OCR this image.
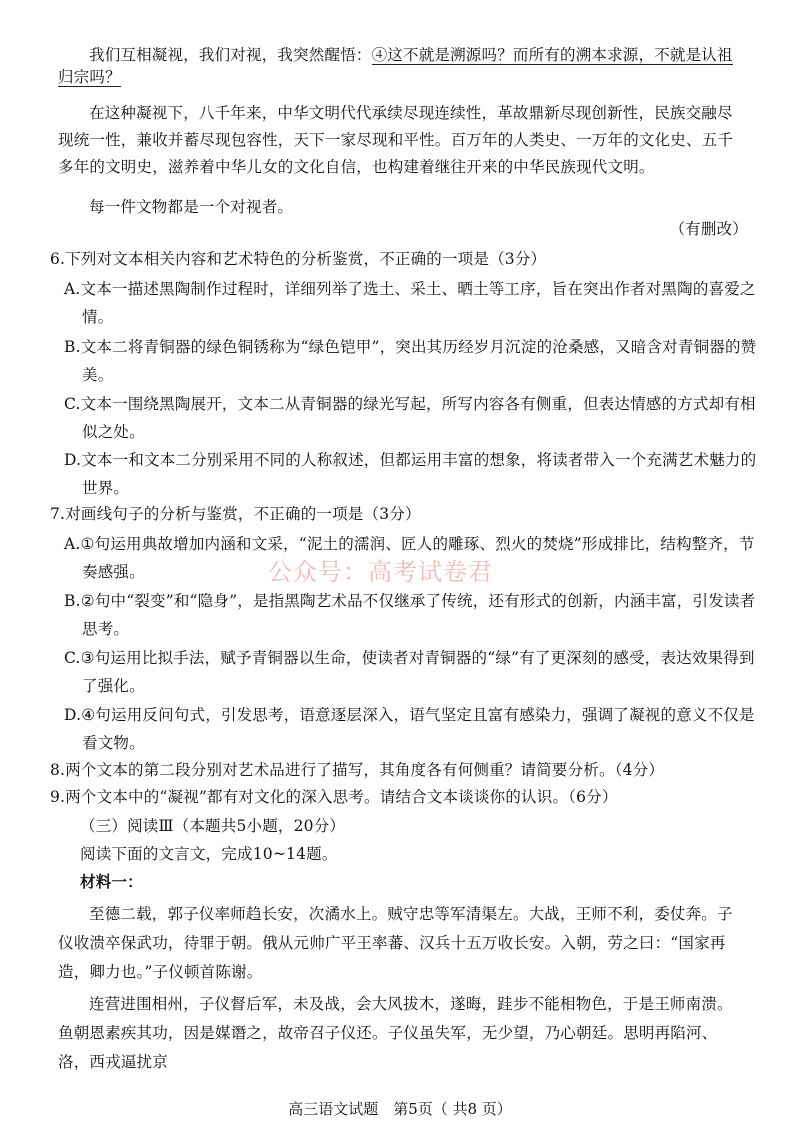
我们互相凝视，我们对视，我突然醒悟：④这不就是溯源吗？而所有的溯本求源，不就是认祖归宗吗？
在这种凝视下，八千年来，中华文明代代承续尽现连续性，革故鼎新尽现创新性，民族交融尽现统一性，兼收并蓄尽现包容性，天下一家尽现和平性。百万年的人类史、一万年的文化史、五千多年的文明史，滋养着中华儿女的文化自信，也构建着继往开来的中华民族现代文明。
每一件文物都是一个对视者。
（有删改）
6.下列对文本相关内容和艺术特色的分析鉴赏，不正确的一项是（3分）
A.文本一描述黑陶制作过程时，详细列举了选土、采土、晒土等工序，旨在突出作者对黑陶的喜爱之情。
B.文本二将青铜器的绿色铜锈称为“绿色铠甲”，突出其历经岁月沉淀的沧桑感，又暗含对青铜器的赞美。
C.文本一围绕黑陶展开，文本二从青铜器的绿光写起，所写内容各有侧重，但表达情感的方式却有相似之处。
D.文本一和文本二分别采用不同的人称叙述，但都运用丰富的想象，将读者带入一个充满艺术魅力的世界。
7.对画线句子的分析与鉴赏，不正确的一项是（3分）
A.①句运用典故增加内涵和文采，“泥土的濡润、匠人的雕琢、烈火的焚烧”形成排比，结构整齐，节奏感强。
B.②句中“裂变”和“隐身”，是指黑陶艺术品不仅继承了传统，还有形式的创新，内涵丰富，引发读者思考。
C.③句运用比拟手法，赋予青铜器以生命，使读者对青铜器的“绿”有了更深刻的感受，表达效果得到了强化。
D.④句运用反问句式，引发思考，语意逐层深入，语气坚定且富有感染力，强调了凝视的意义不仅是看文物。
8.两个文本的第二段分别对艺术品进行了描写，其角度各有何侧重？请简要分析。（4分）
9.两个文本中的“凝视”都有对文化的深入思考。请结合文本谈谈你的认识。（6分）
（三）阅读Ⅲ（本题共5小题，20分）
阅读下面的文言文，完成10~14题。
材料一：
至德二载，郭子仪率师趋长安，次潏水上。贼守忠等军清渠左。大战，王师不利，委仗奔。子仪收溃卒保武功，待罪于朝。俄从元帅广平王率蕃、汉兵十五万收长安。入朝，劳之曰：“国家再造，卿力也。”子仪顿首陈谢。
连营进围相州，子仪督后军，未及战，会大风拔木，遂晦，跬步不能相物色，于是王师南溃。鱼朝恩素疾其功，因是媒谮之，故帝召子仪还。子仪虽失军，无少望，乃心朝廷。思明再陷河、洛，西戎逼扰京
公众号：高考试卷君
高三语文试题　第5页（ 共8 页）
